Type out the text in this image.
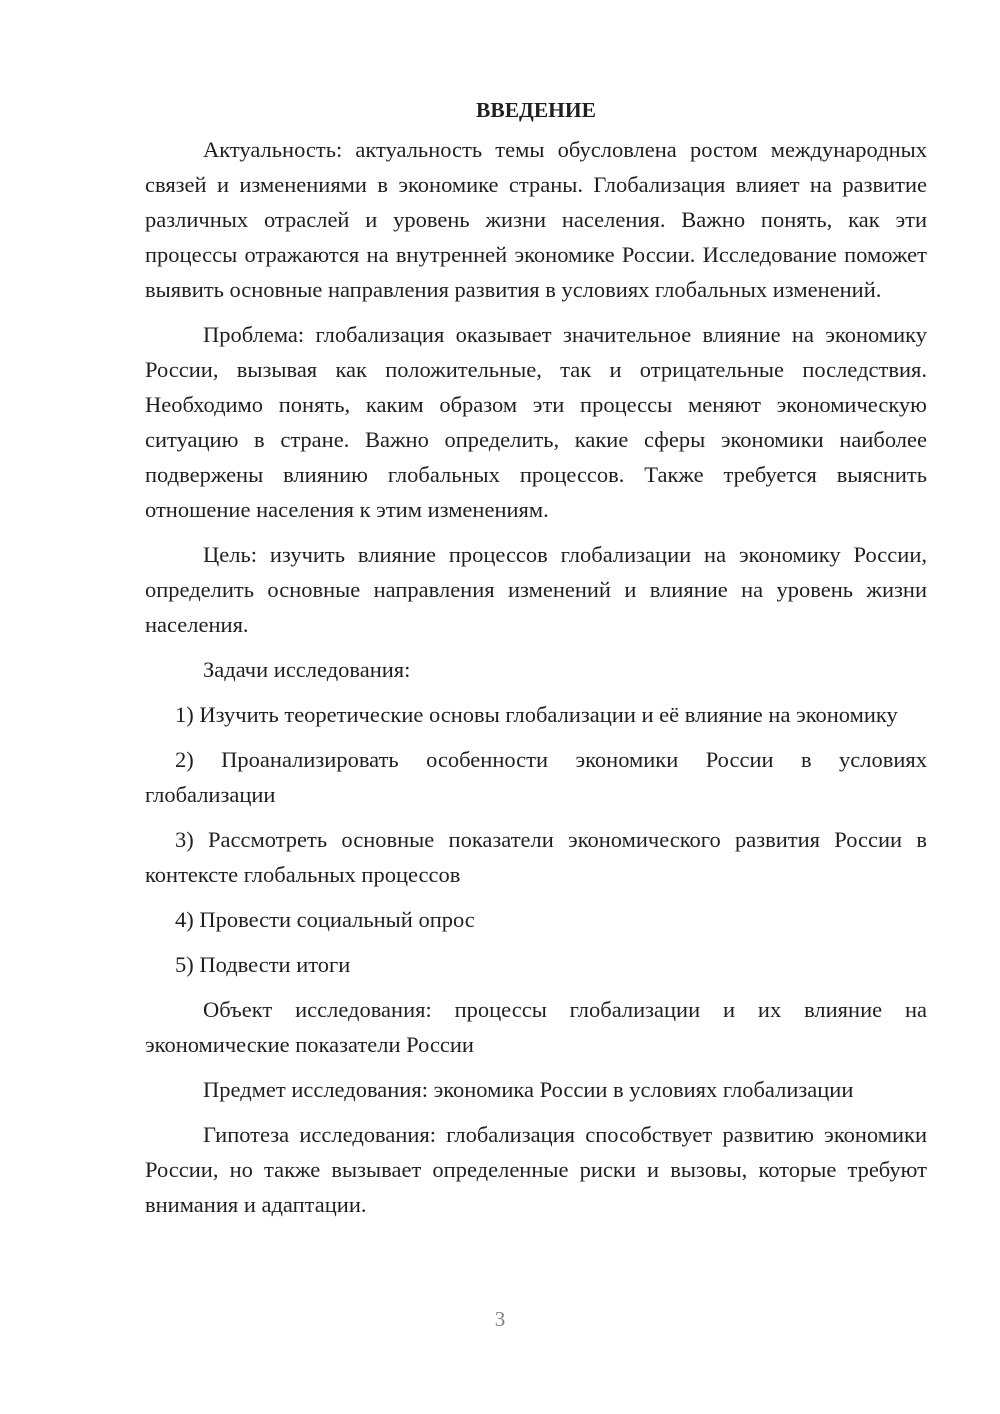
ВВЕДЕНИЕ

Актуальность: актуальность темы обусловлена ростом международных связей и изменениями в экономике страны. Глобализация влияет на развитие различных отраслей и уровень жизни населения. Важно понять, как эти процессы отражаются на внутренней экономике России. Исследование поможет выявить основные направления развития в условиях глобальных изменений.

Проблема: глобализация оказывает значительное влияние на экономику России, вызывая как положительные, так и отрицательные последствия. Необходимо понять, каким образом эти процессы меняют экономическую ситуацию в стране. Важно определить, какие сферы экономики наиболее подвержены влиянию глобальных процессов. Также требуется выяснить отношение населения к этим изменениям.

Цель: изучить влияние процессов глобализации на экономику России, определить основные направления изменений и влияние на уровень жизни населения.

Задачи исследования:

1) Изучить теоретические основы глобализации и её влияние на экономику

2) Проанализировать особенности экономики России в условиях глобализации

3) Рассмотреть основные показатели экономического развития России в контексте глобальных процессов

4) Провести социальный опрос

5) Подвести итоги

Объект исследования: процессы глобализации и их влияние на экономические показатели России

Предмет исследования: экономика России в условиях глобализации

Гипотеза исследования: глобализация способствует развитию экономики России, но также вызывает определенные риски и вызовы, которые требуют внимания и адаптации.

3
